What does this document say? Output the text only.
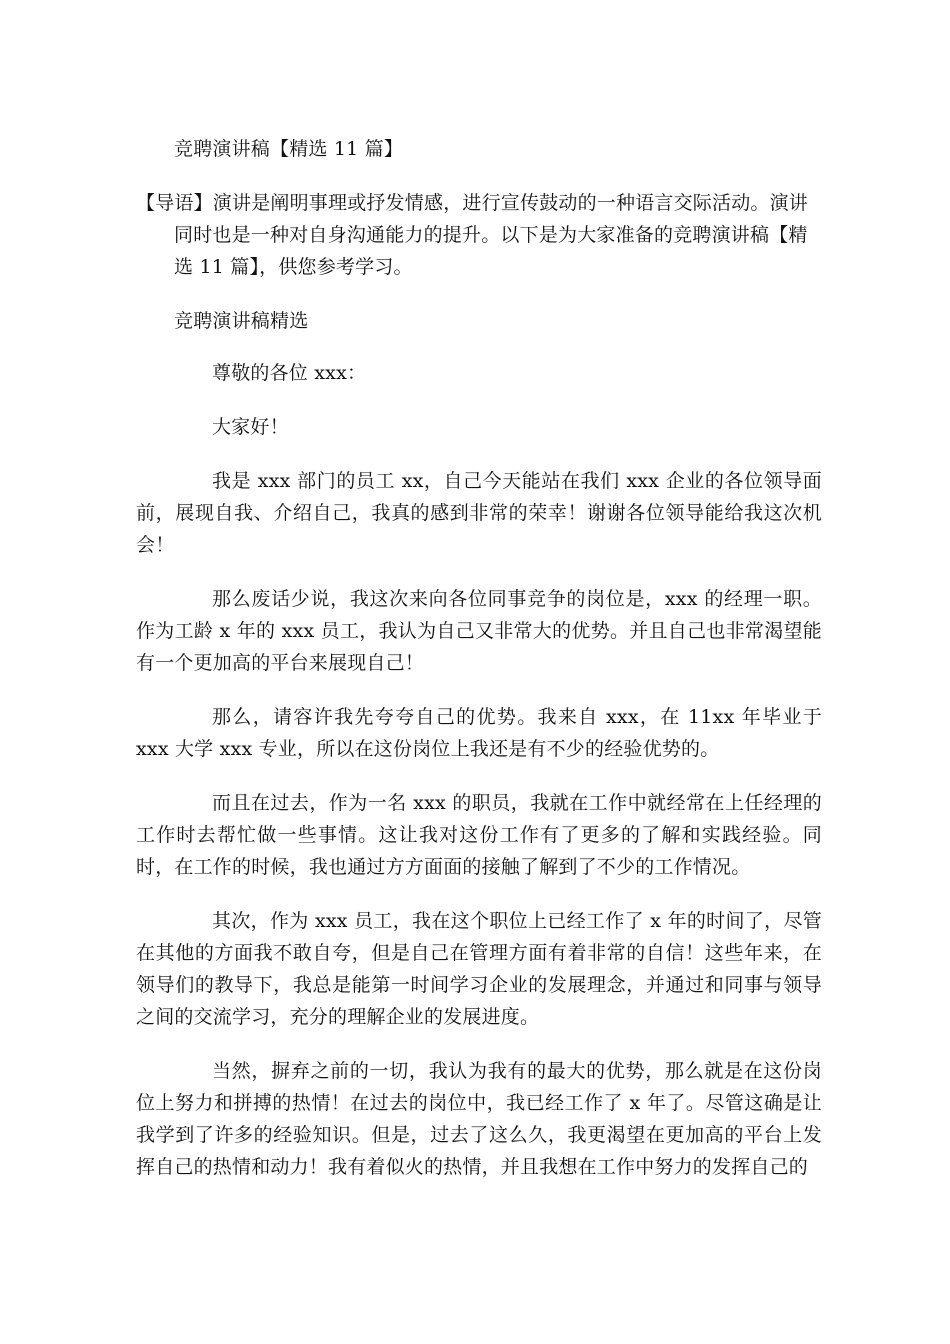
竞聘演讲稿【精选 11 篇】

【导语】演讲是阐明事理或抒发情感，进行宣传鼓动的一种语言交际活动。演讲同时也是一种对自身沟通能力的提升。以下是为大家准备的竞聘演讲稿【精选 11 篇】，供您参考学习。

竞聘演讲稿精选

尊敬的各位 xxx：

大家好！

我是 xxx 部门的员工 xx，自己今天能站在我们 xxx 企业的各位领导面前，展现自我、介绍自己，我真的感到非常的荣幸！谢谢各位领导能给我这次机会！

那么废话少说，我这次来向各位同事竞争的岗位是，xxx 的经理一职。作为工龄 x 年的 xxx 员工，我认为自己又非常大的优势。并且自己也非常渴望能有一个更加高的平台来展现自己！

那么，请容许我先夸夸自己的优势。我来自 xxx，在 11xx 年毕业于 xxx 大学 xxx 专业，所以在这份岗位上我还是有不少的经验优势的。

而且在过去，作为一名 xxx 的职员，我就在工作中就经常在上任经理的工作时去帮忙做一些事情。这让我对这份工作有了更多的了解和实践经验。同时，在工作的时候，我也通过方方面面的接触了解到了不少的工作情况。

其次，作为 xxx 员工，我在这个职位上已经工作了 x 年的时间了，尽管在其他的方面我不敢自夸，但是自己在管理方面有着非常的自信！这些年来，在领导们的教导下，我总是能第一时间学习企业的发展理念，并通过和同事与领导之间的交流学习，充分的理解企业的发展进度。

当然，摒弃之前的一切，我认为我有的最大的优势，那么就是在这份岗位上努力和拼搏的热情！在过去的岗位中，我已经工作了 x 年了。尽管这确是让我学到了许多的经验知识。但是，过去了这么久，我更渴望在更加高的平台上发挥自己的热情和动力！我有着似火的热情，并且我想在工作中努力的发挥自己的
